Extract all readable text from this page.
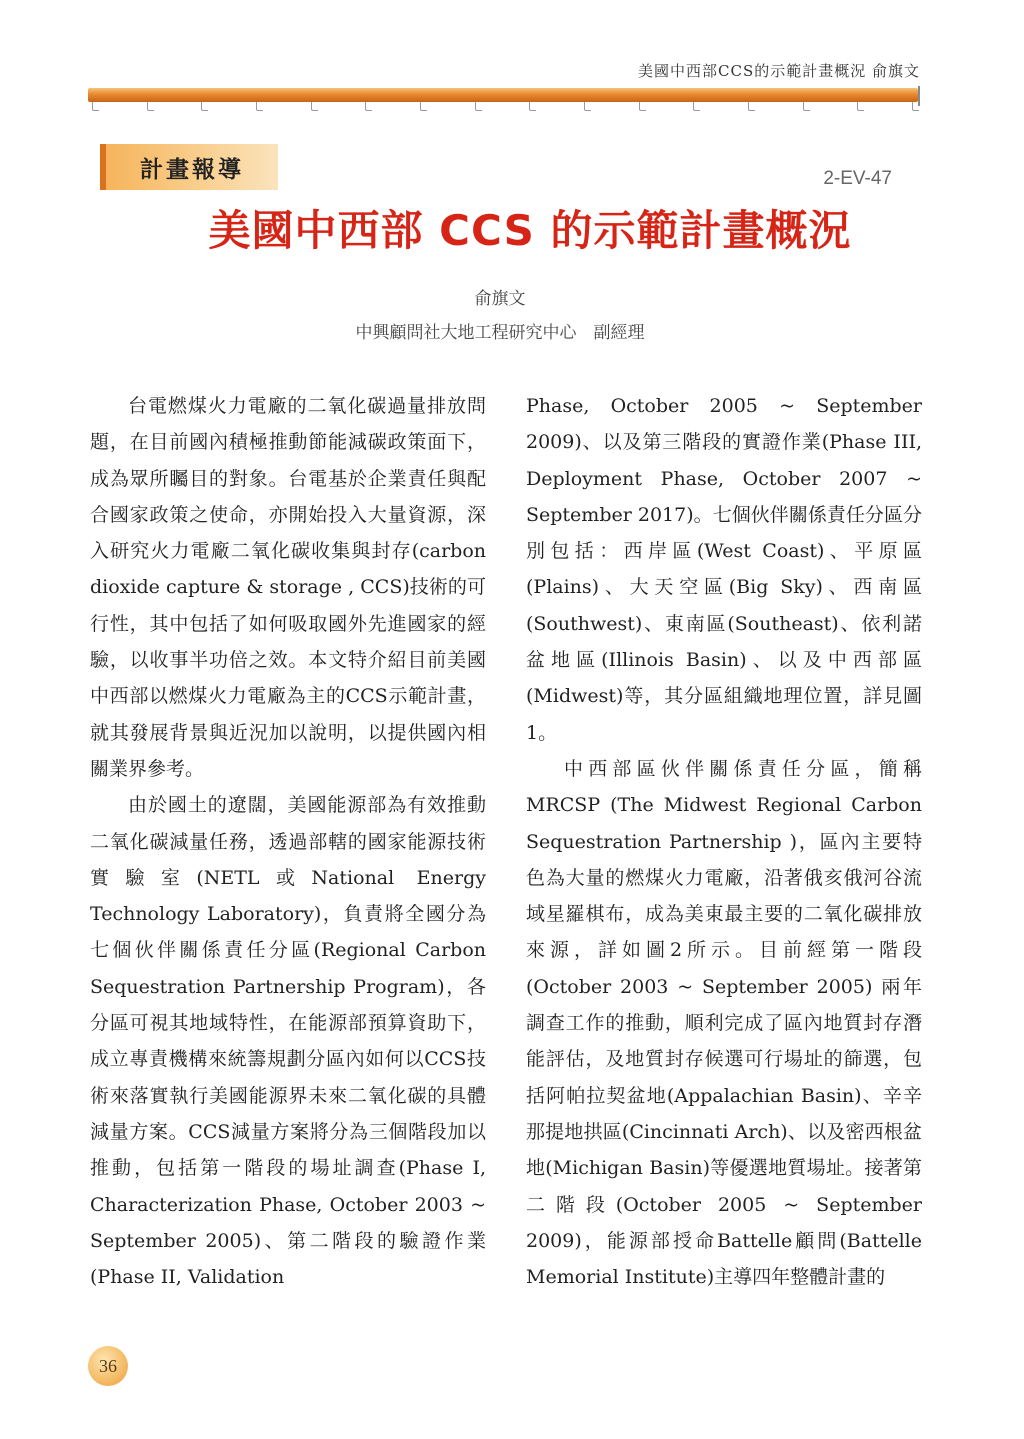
美國中西部CCS的示範計畫概況 俞旗文
計畫報導	2-EV-47
美國中西部 CCS 的示範計畫概況
俞旗文
中興顧問社大地工程研究中心　副經理

台電燃煤火力電廠的二氧化碳過量排放問題，在目前國內積極推動節能減碳政策面下，成為眾所矚目的對象。台電基於企業責任與配合國家政策之使命，亦開始投入大量資源，深入研究火力電廠二氧化碳收集與封存(carbon dioxide capture & storage , CCS)技術的可行性，其中包括了如何吸取國外先進國家的經驗，以收事半功倍之效。本文特介紹目前美國中西部以燃煤火力電廠為主的CCS示範計畫，就其發展背景與近況加以說明，以提供國內相關業界參考。

由於國土的遼闊，美國能源部為有效推動二氧化碳減量任務，透過部轄的國家能源技術實驗室(NETL或National Energy Technology Laboratory)，負責將全國分為七個伙伴關係責任分區(Regional Carbon Sequestration Partnership Program)，各分區可視其地域特性，在能源部預算資助下，成立專責機構來統籌規劃分區內如何以CCS技術來落實執行美國能源界未來二氧化碳的具體減量方案。CCS減量方案將分為三個階段加以推動，包括第一階段的場址調查(Phase I, Characterization Phase, October 2003 ~ September 2005)、第二階段的驗證作業(Phase II, Validation

Phase, October 2005 ~ September 2009)、以及第三階段的實證作業(Phase III, Deployment Phase, October 2007 ~ September 2017)。七個伙伴關係責任分區分別包括：西岸區(West Coast)、平原區(Plains)、大天空區(Big Sky)、西南區(Southwest)、東南區(Southeast)、依利諾盆地區(Illinois Basin)、以及中西部區(Midwest)等，其分區組織地理位置，詳見圖1。

中西部區伙伴關係責任分區，簡稱MRCSP (The Midwest Regional Carbon Sequestration Partnership )，區內主要特色為大量的燃煤火力電廠，沿著俄亥俄河谷流域星羅棋布，成為美東最主要的二氧化碳排放來源，詳如圖2所示。目前經第一階段 (October 2003 ~ September 2005) 兩年調查工作的推動，順利完成了區內地質封存潛能評估，及地質封存候選可行場址的篩選，包括阿帕拉契盆地(Appalachian Basin)、辛辛那提地拱區(Cincinnati Arch)、以及密西根盆地(Michigan Basin)等優選地質場址。接著第二階段(October 2005 ~ September 2009)，能源部授命Battelle顧問(Battelle Memorial Institute)主導四年整體計畫的

36
